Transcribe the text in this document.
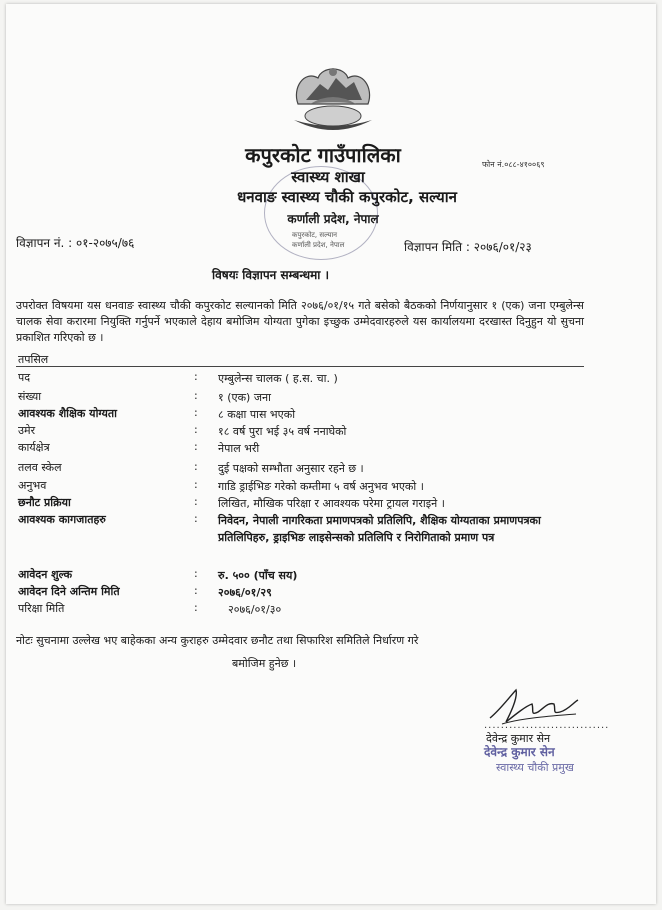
कपुरकोट गाउँपालिका
स्वास्थ्य शाखा
धनवाङ स्वास्थ्य चौकी कपुरकोट, सल्यान
कर्णाली प्रदेश, नेपाल
फोन नं.०८८-४१००६९
कपुरकोट, सल्यान
कर्णाली प्रदेश, नेपाल
विज्ञापन नं. : ०१-२०७५/७६	विज्ञापन मिति : २०७६/०१/२३
विषयः विज्ञापन सम्बन्धमा ।

उपरोक्त विषयमा यस धनवाङ स्वास्थ्य चौकी कपुरकोट सल्यानको मिति २०७६/०१/१५ गते बसेको बैठकको निर्णयानुसार १ (एक) जना एम्बुलेन्स चालक सेवा करारमा नियुक्ति गर्नुपर्ने भएकाले देहाय बमोजिम योग्यता पुगेका इच्छुक उम्मेदवारहरुले यस कार्यालयमा दरखास्त दिनुहुन यो सुचना प्रकाशित गरिएको छ ।

तपसिल
पद	: एम्बुलेन्स चालक ( ह.स. चा. )
संख्या	: १ (एक) जना
आवश्यक शैक्षिक योग्यता	: ८ कक्षा पास भएको
उमेर	: १८ वर्ष पुरा भई ३५ वर्ष ननाघेको
कार्यक्षेत्र	: नेपाल भरी
तलव स्केल	: दुई पक्षको सम्भौता अनुसार रहने छ ।
अनुभव	: गाडि ड्राईभिङ गरेको कम्तीमा ५ वर्ष अनुभव भएको ।
छनौट प्रक्रिया	: लिखित, मौखिक परिक्षा र आवश्यक परेमा ट्रायल गराइने ।
आवश्यक कागजातहरु	: निवेदन, नेपाली नागरिकता प्रमाणपत्रको प्रतिलिपि, शैक्षिक योग्यताका प्रमाणपत्रका प्रतिलिपिहरु, ड्राइभिङ लाइसेन्सको प्रतिलिपि र निरोगिताको प्रमाण पत्र
आवेदन शुल्क	: रु. ५०० (पाँच सय)
आवेदन दिने अन्तिम मिति	: २०७६/०१/२९
परिक्षा मिति	:	२०७६/०१/३०

नोटः सुचनामा उल्लेख भए बाहेकका अन्य कुराहरु उम्मेदवार छनौट तथा सिफारिश समितिले निर्धारण गरे

बमोजिम हुनेछ ।
..............................
देवेन्द्र कुमार सेन
देवेन्द्र कुमार सेन
स्वास्थ्य चौकी प्रमुख
